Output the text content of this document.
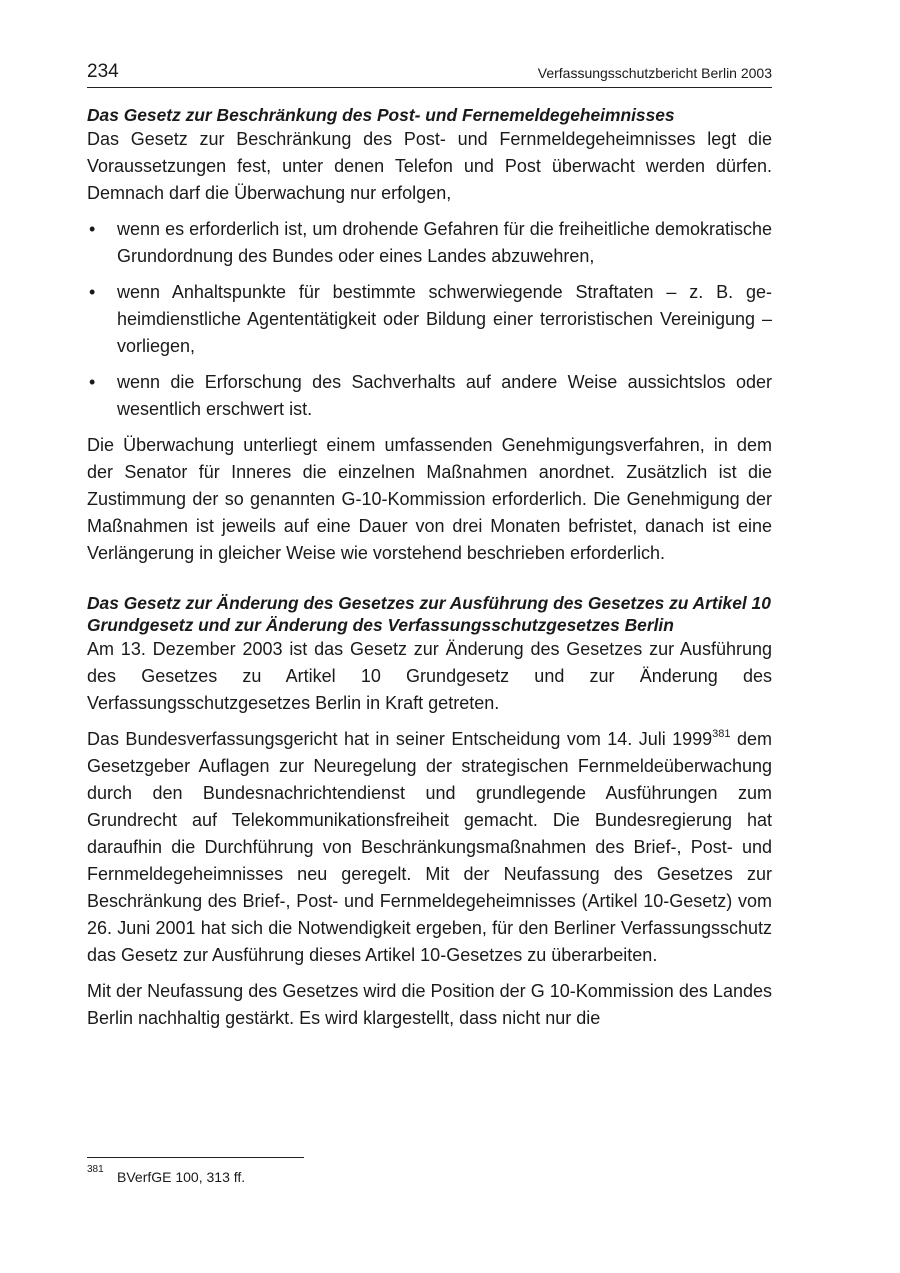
234	Verfassungsschutzbericht Berlin 2003
Das Gesetz zur Beschränkung des Post- und Fernemeldegeheimnisses

Das Gesetz zur Beschränkung des Post- und Fernmeldegeheimnisses legt die Voraussetzungen fest, unter denen Telefon und Post überwacht werden dürfen. Demnach darf die Überwachung nur erfolgen,

• wenn es erforderlich ist, um drohende Gefahren für die freiheitliche demokratische Grundordnung des Bundes oder eines Landes abzuwehren,
• wenn Anhaltspunkte für bestimmte schwerwiegende Straftaten – z. B. geheimdienstliche Agententätigkeit oder Bildung einer terroristischen Vereinigung – vorliegen,
• wenn die Erforschung des Sachverhalts auf andere Weise aussichtslos oder wesentlich erschwert ist.

Die Überwachung unterliegt einem umfassenden Genehmigungsverfahren, in dem der Senator für Inneres die einzelnen Maßnahmen anordnet. Zusätzlich ist die Zustimmung der so genannten G-10-Kommission erforderlich. Die Genehmigung der Maßnahmen ist jeweils auf eine Dauer von drei Monaten befristet, danach ist eine Verlängerung in gleicher Weise wie vorstehend beschrieben erforderlich.

Das Gesetz zur Änderung des Gesetzes zur Ausführung des Gesetzes zu Artikel 10 Grundgesetz und zur Änderung des Verfassungsschutzgesetzes Berlin

Am 13. Dezember 2003 ist das Gesetz zur Änderung des Gesetzes zur Ausführung des Gesetzes zu Artikel 10 Grundgesetz und zur Änderung des Verfassungsschutzgesetzes Berlin in Kraft getreten.

Das Bundesverfassungsgericht hat in seiner Entscheidung vom 14. Juli 1999$^{381}$ dem Gesetzgeber Auflagen zur Neuregelung der strategischen Fernmeldeüberwachung durch den Bundesnachrichtendienst und grundlegende Ausführungen zum Grundrecht auf Telekommunikationsfreiheit gemacht. Die Bundesregierung hat daraufhin die Durchführung von Beschränkungsmaßnahmen des Brief-, Post- und Fernmeldegeheimnisses neu geregelt. Mit der Neufassung des Gesetzes zur Beschränkung des Brief-, Post- und Fernmeldegeheimnisses (Artikel 10-Gesetz) vom 26. Juni 2001 hat sich die Notwendigkeit ergeben, für den Berliner Verfassungsschutz das Gesetz zur Ausführung dieses Artikel 10-Gesetzes zu überarbeiten.

Mit der Neufassung des Gesetzes wird die Position der G 10-Kommission des Landes Berlin nachhaltig gestärkt. Es wird klargestellt, dass nicht nur die

381 BVerfGE 100, 313 ff.
